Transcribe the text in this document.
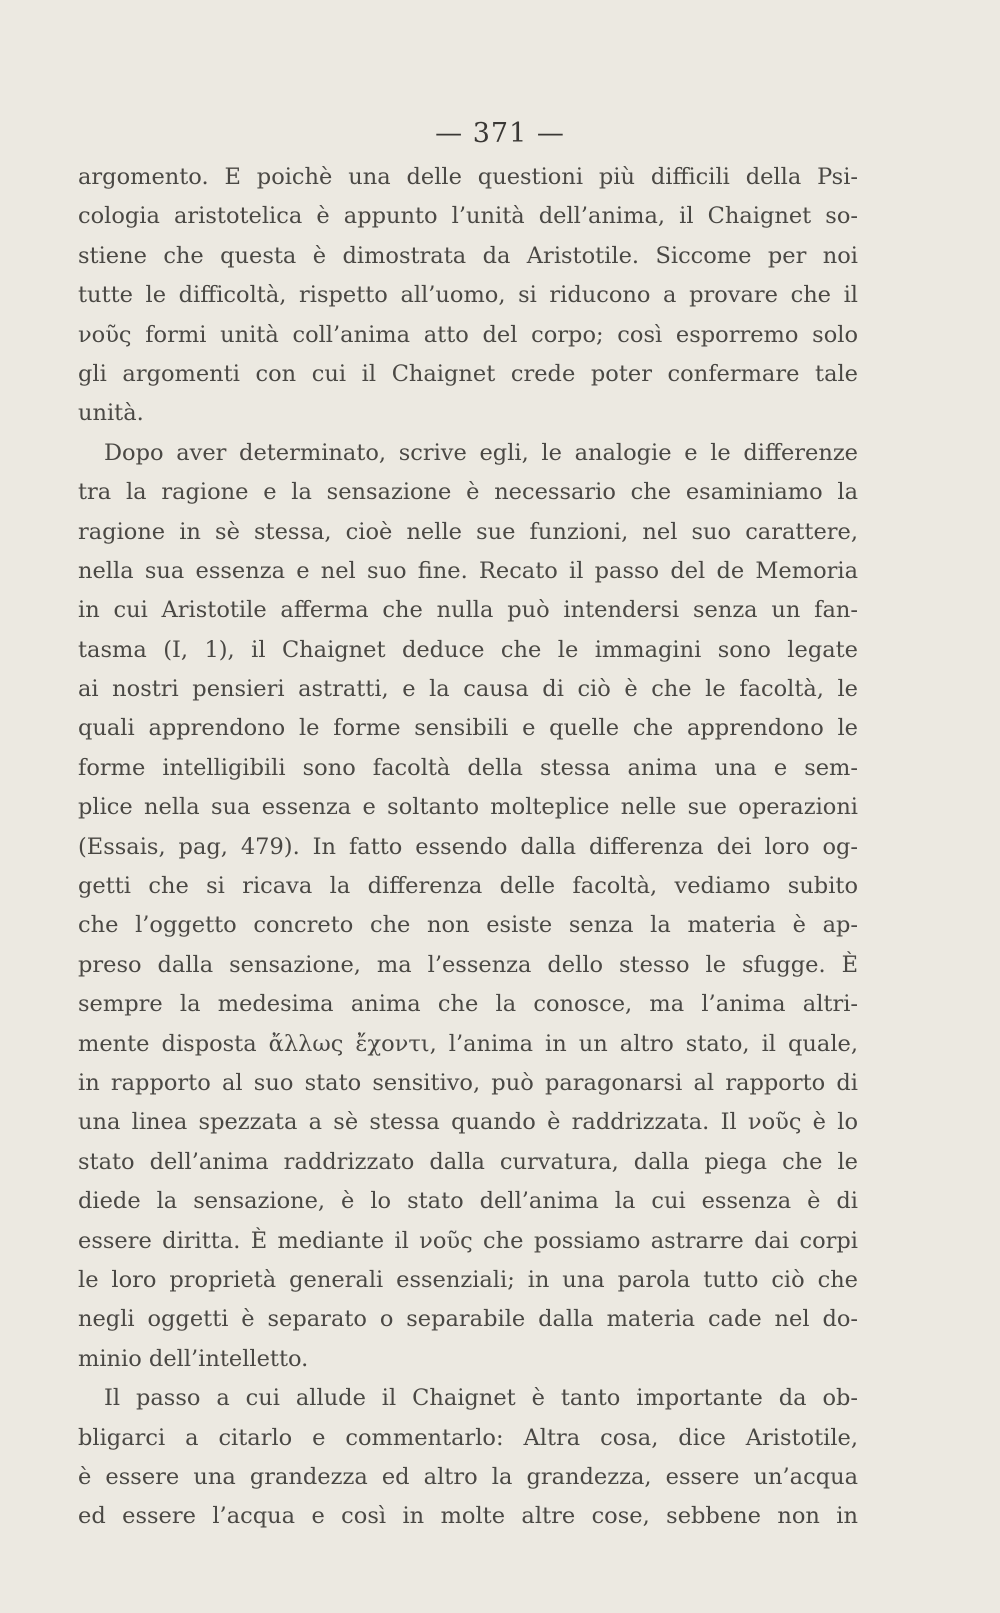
— 371 —
argomento. E poichè una delle questioni più difficili della Psi-
cologia aristotelica è appunto l’unità dell’anima, il Chaignet so-
stiene che questa è dimostrata da Aristotile. Siccome per noi
tutte le difficoltà, rispetto all’uomo, si riducono a provare che il
νοῦς formi unità coll’anima atto del corpo; così esporremo solo
gli argomenti con cui il Chaignet crede poter confermare tale
unità.
Dopo aver determinato, scrive egli, le analogie e le differenze
tra la ragione e la sensazione è necessario che esaminiamo la
ragione in sè stessa, cioè nelle sue funzioni, nel suo carattere,
nella sua essenza e nel suo fine. Recato il passo del de Memoria
in cui Aristotile afferma che nulla può intendersi senza un fan-
tasma (I, 1), il Chaignet deduce che le immagini sono legate
ai nostri pensieri astratti, e la causa di ciò è che le facoltà, le
quali apprendono le forme sensibili e quelle che apprendono le
forme intelligibili sono facoltà della stessa anima una e sem-
plice nella sua essenza e soltanto molteplice nelle sue operazioni
(Essais, pag, 479). In fatto essendo dalla differenza dei loro og-
getti che si ricava la differenza delle facoltà, vediamo subito
che l’oggetto concreto che non esiste senza la materia è ap-
preso dalla sensazione, ma l’essenza dello stesso le sfugge. È
sempre la medesima anima che la conosce, ma l’anima altri-
mente disposta ἄλλως ἔχοντι, l’anima in un altro stato, il quale,
in rapporto al suo stato sensitivo, può paragonarsi al rapporto di
una linea spezzata a sè stessa quando è raddrizzata. Il νοῦς è lo
stato dell’anima raddrizzato dalla curvatura, dalla piega che le
diede la sensazione, è lo stato dell’anima la cui essenza è di
essere diritta. È mediante il νοῦς che possiamo astrarre dai corpi
le loro proprietà generali essenziali; in una parola tutto ciò che
negli oggetti è separato o separabile dalla materia cade nel do-
minio dell’intelletto.
Il passo a cui allude il Chaignet è tanto importante da ob-
bligarci a citarlo e commentarlo: Altra cosa, dice Aristotile,
è essere una grandezza ed altro la grandezza, essere un’acqua
ed essere l’acqua e così in molte altre cose, sebbene non in
